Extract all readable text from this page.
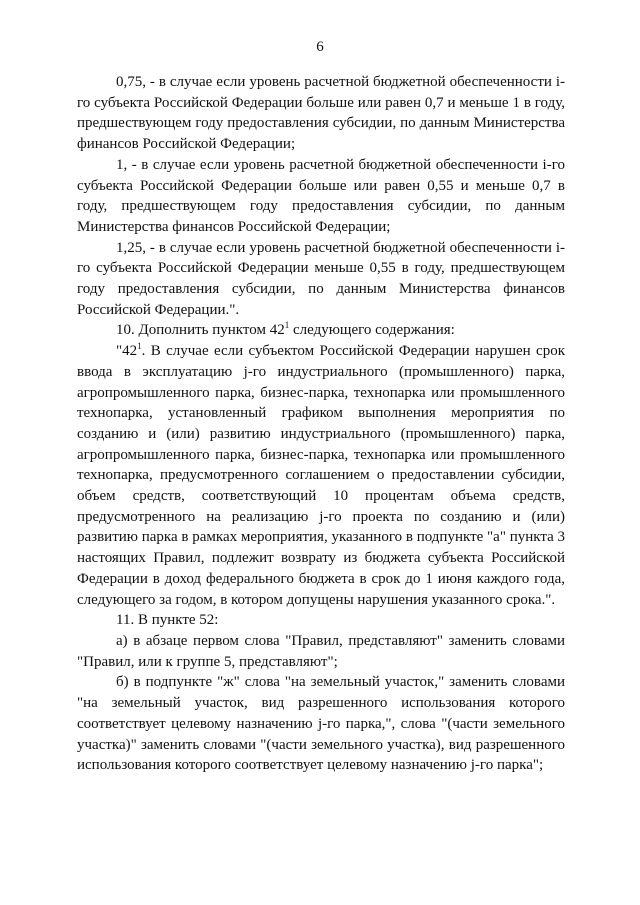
6

0,75, - в случае если уровень расчетной бюджетной обеспеченности i-го субъекта Российской Федерации больше или равен 0,7 и меньше 1 в году, предшествующем году предоставления субсидии, по данным Министерства финансов Российской Федерации;

1, - в случае если уровень расчетной бюджетной обеспеченности i-го субъекта Российской Федерации больше или равен 0,55 и меньше 0,7 в году, предшествующем году предоставления субсидии, по данным Министерства финансов Российской Федерации;

1,25, - в случае если уровень расчетной бюджетной обеспеченности i-го субъекта Российской Федерации меньше 0,55 в году, предшествующем году предоставления субсидии, по данным Министерства финансов Российской Федерации.".

10. Дополнить пунктом $42^1$ следующего содержания:

"$42^1$. В случае если субъектом Российской Федерации нарушен срок ввода в эксплуатацию j-го индустриального (промышленного) парка, агропромышленного парка, бизнес-парка, технопарка или промышленного технопарка, установленный графиком выполнения мероприятия по созданию и (или) развитию индустриального (промышленного) парка, агропромышленного парка, бизнес-парка, технопарка или промышленного технопарка, предусмотренного соглашением о предоставлении субсидии, объем средств, соответствующий 10 процентам объема средств, предусмотренного на реализацию j-го проекта по созданию и (или) развитию парка в рамках мероприятия, указанного в подпункте "а" пункта 3 настоящих Правил, подлежит возврату из бюджета субъекта Российской Федерации в доход федерального бюджета в срок до 1 июня каждого года, следующего за годом, в котором допущены нарушения указанного срока.".

11. В пункте 52:

а) в абзаце первом слова "Правил, представляют" заменить словами "Правил, или к группе 5, представляют";

б) в подпункте "ж" слова "на земельный участок," заменить словами "на земельный участок, вид разрешенного использования которого соответствует целевому назначению j-го парка,", слова "(части земельного участка)" заменить словами "(части земельного участка), вид разрешенного использования которого соответствует целевому назначению j-го парка";
